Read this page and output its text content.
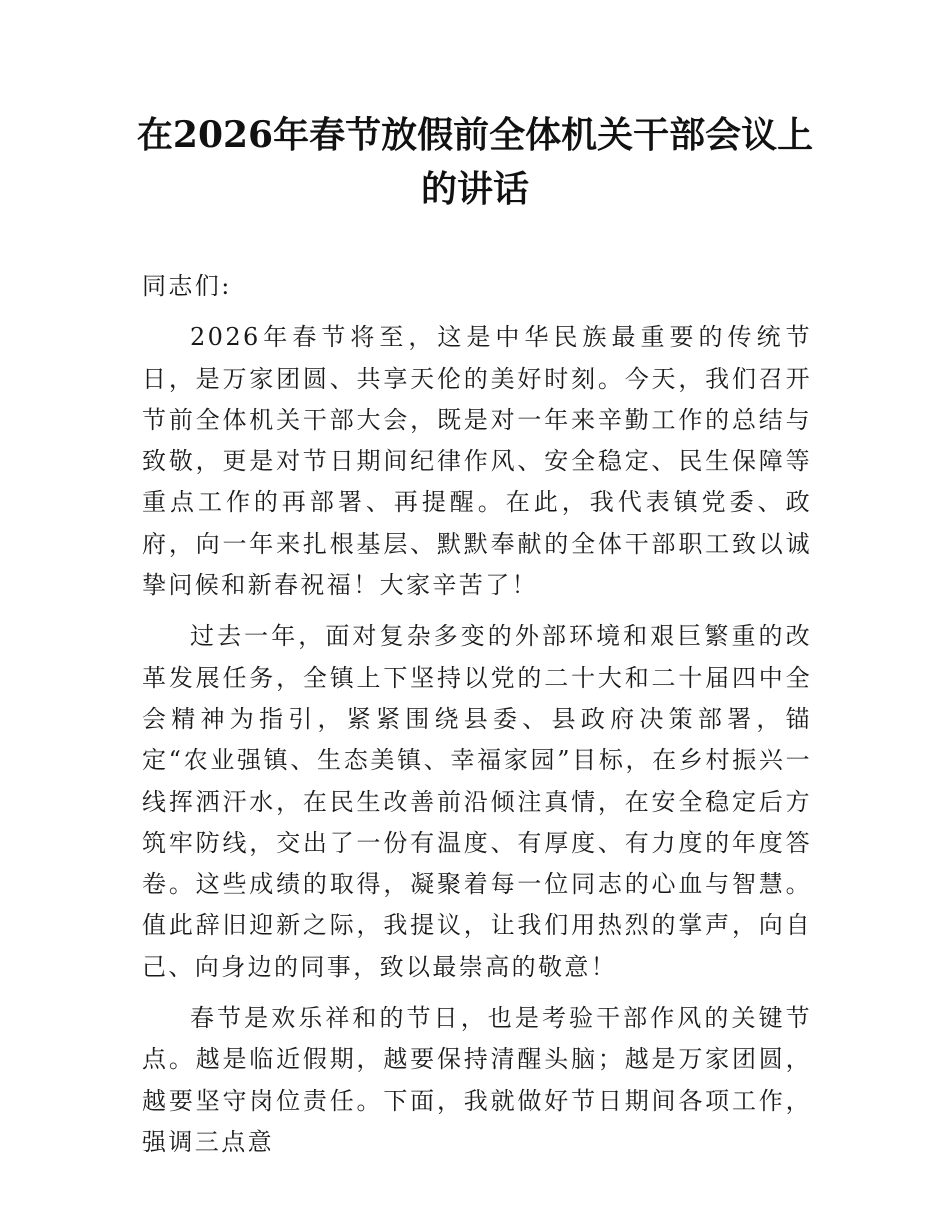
在2026年春节放假前全体机关干部会议上的讲话

同志们:

2026年春节将至，这是中华民族最重要的传统节日，是万家团圆、共享天伦的美好时刻。今天，我们召开节前全体机关干部大会，既是对一年来辛勤工作的总结与致敬，更是对节日期间纪律作风、安全稳定、民生保障等重点工作的再部署、再提醒。在此，我代表镇党委、政府，向一年来扎根基层、默默奉献的全体干部职工致以诚挚问候和新春祝福！大家辛苦了！

过去一年，面对复杂多变的外部环境和艰巨繁重的改革发展任务，全镇上下坚持以党的二十大和二十届四中全会精神为指引，紧紧围绕县委、县政府决策部署，锚定“农业强镇、生态美镇、幸福家园”目标，在乡村振兴一线挥洒汗水，在民生改善前沿倾注真情，在安全稳定后方筑牢防线，交出了一份有温度、有厚度、有力度的年度答卷。这些成绩的取得，凝聚着每一位同志的心血与智慧。值此辞旧迎新之际，我提议，让我们用热烈的掌声，向自己、向身边的同事，致以最崇高的敬意！

春节是欢乐祥和的节日，也是考验干部作风的关键节点。越是临近假期，越要保持清醒头脑；越是万家团圆，越要坚守岗位责任。下面，我就做好节日期间各项工作，强调三点意
